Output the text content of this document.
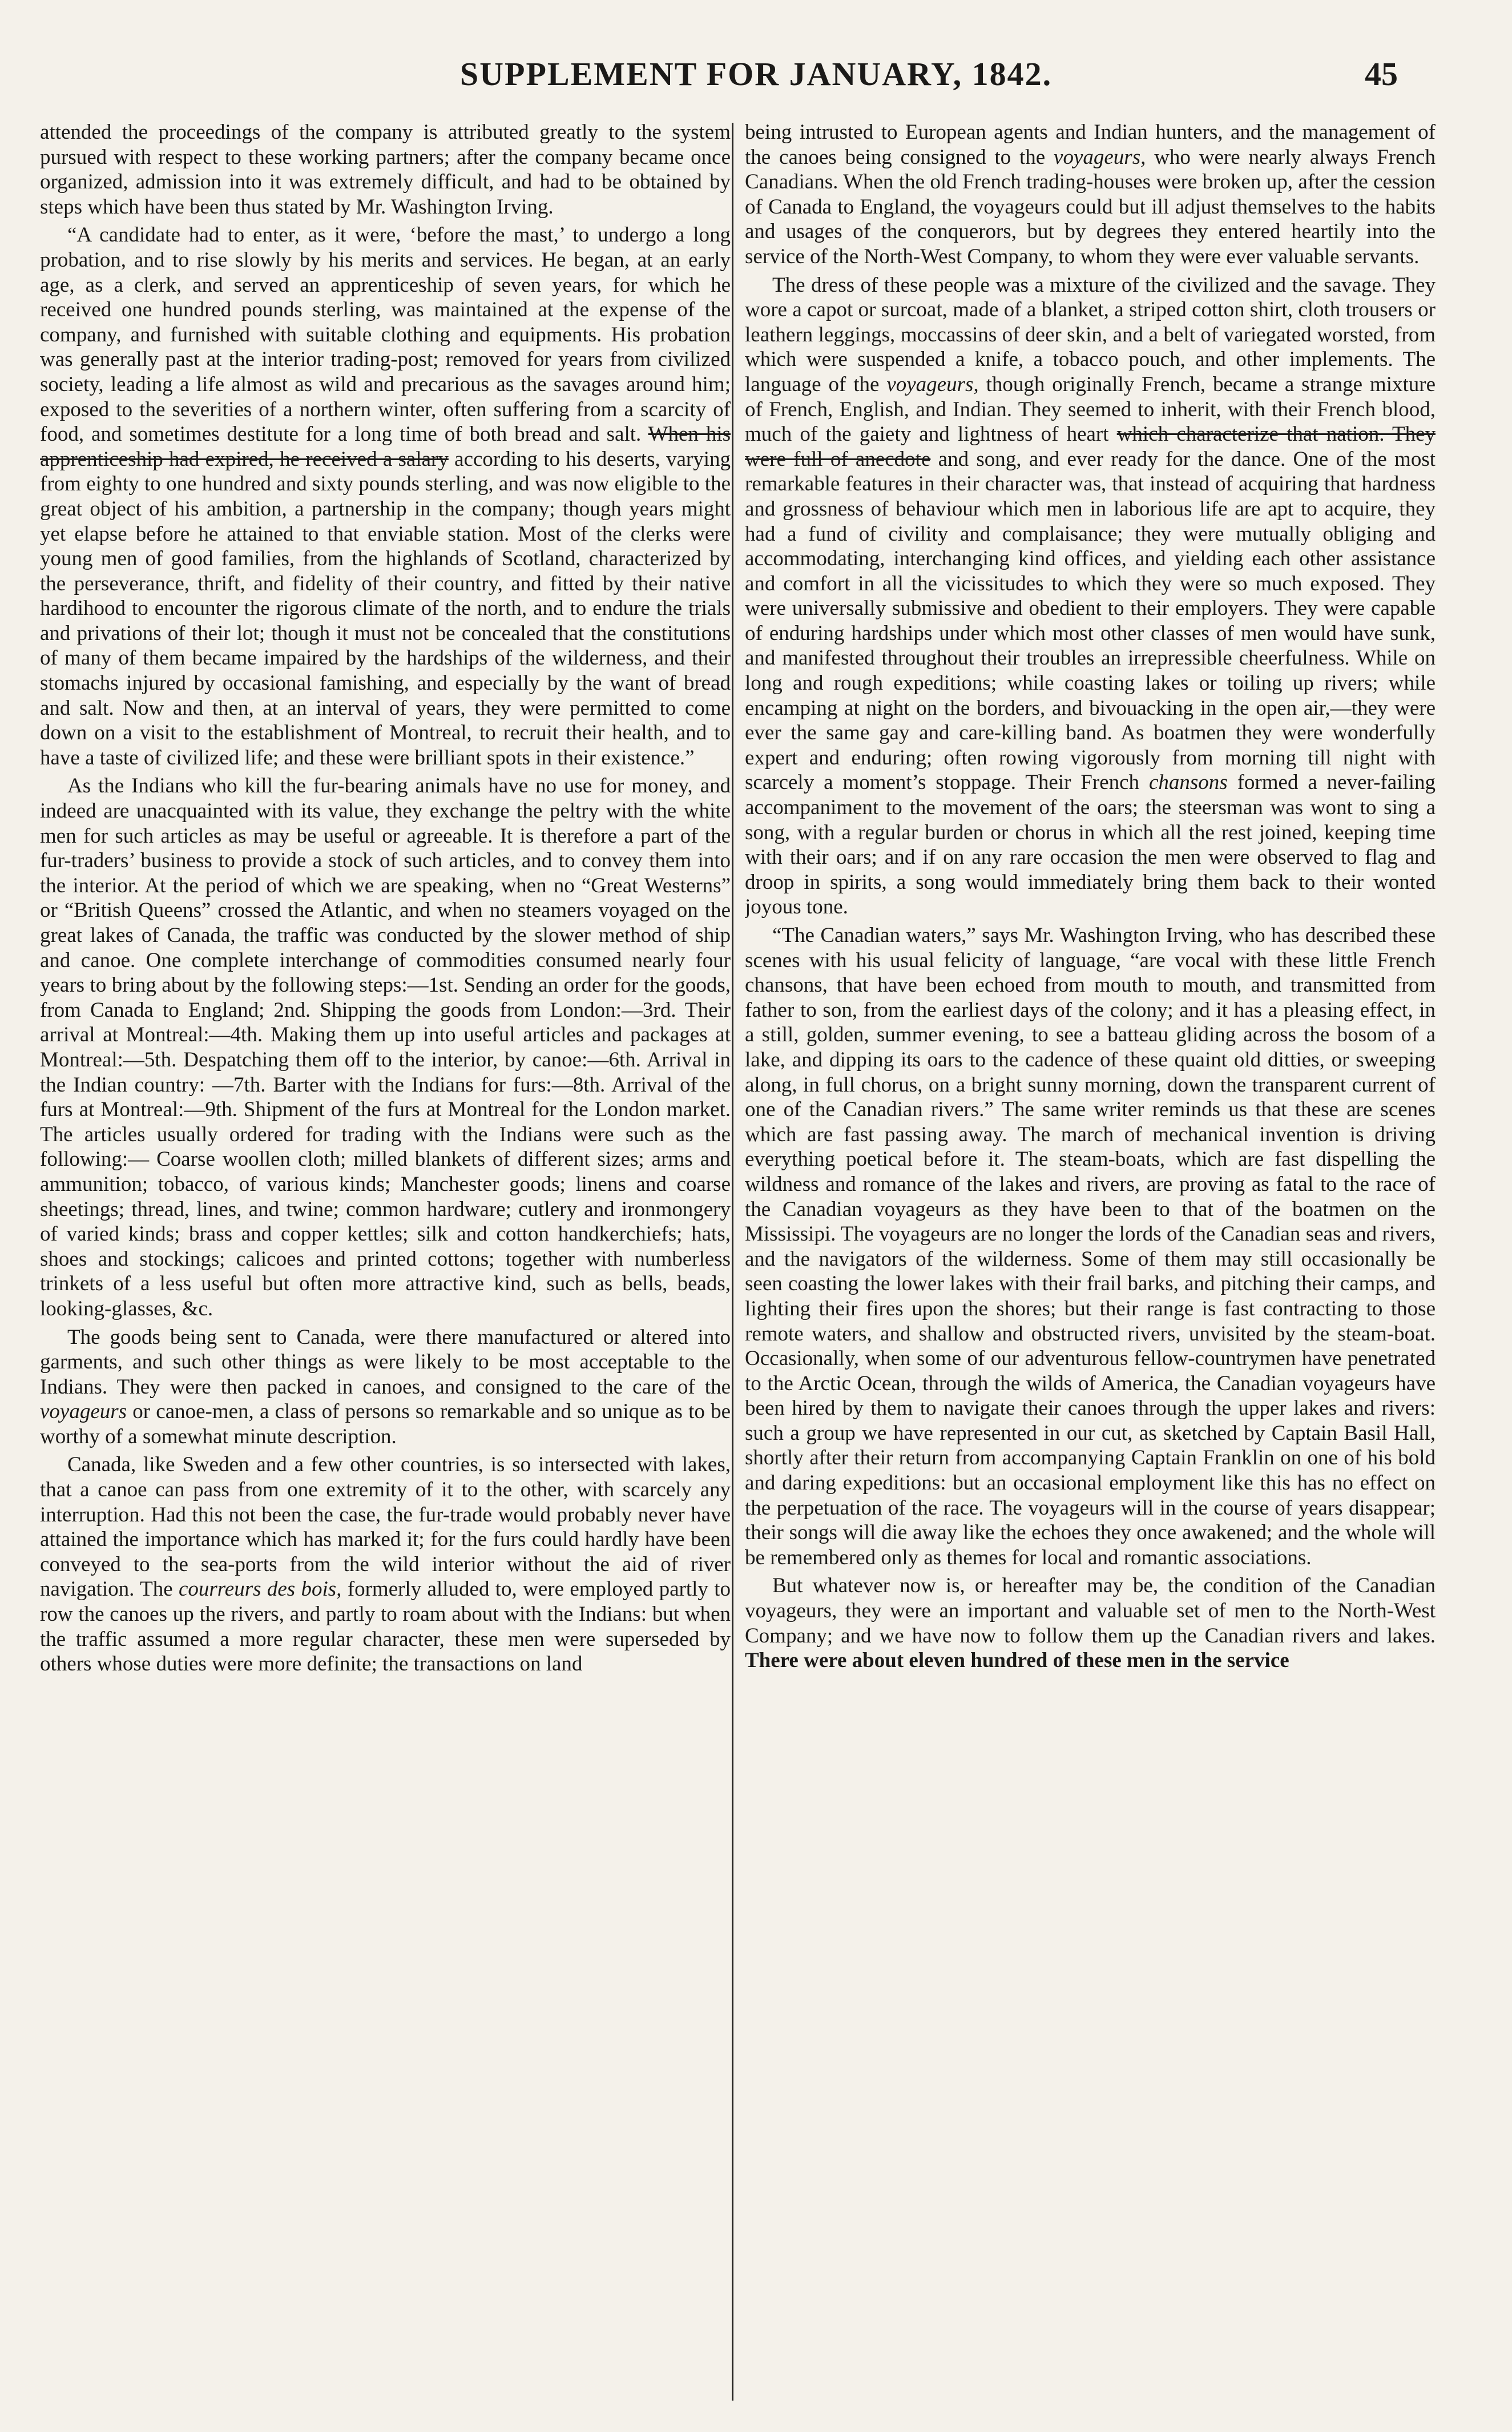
SUPPLEMENT FOR JANUARY, 1842.	45

attended the proceedings of the company is attributed greatly to the system pursued with respect to these working partners; after the company became once organized, admission into it was extremely difficult, and had to be obtained by steps which have been thus stated by Mr. Washington Irving.

“A candidate had to enter, as it were, ‘before the mast,’ to undergo a long probation, and to rise slowly by his merits and services. He began, at an early age, as a clerk, and served an apprenticeship of seven years, for which he received one hundred pounds sterling, was maintained at the expense of the company, and furnished with suitable clothing and equipments. His probation was generally past at the interior trading-post; removed for years from civilized society, leading a life almost as wild and precarious as the savages around him; exposed to the severities of a northern winter, often suffering from a scarcity of food, and sometimes destitute for a long time of both bread and salt. When his apprenticeship had expired, he received a salary according to his deserts, varying from eighty to one hundred and sixty pounds sterling, and was now eligible to the great object of his ambition, a partnership in the company; though years might yet elapse before he attained to that enviable station. Most of the clerks were young men of good families, from the highlands of Scotland, characterized by the perseverance, thrift, and fidelity of their country, and fitted by their native hardihood to encounter the rigorous climate of the north, and to endure the trials and privations of their lot; though it must not be concealed that the constitutions of many of them became impaired by the hardships of the wilderness, and their stomachs injured by occasional famishing, and especially by the want of bread and salt. Now and then, at an interval of years, they were permitted to come down on a visit to the establishment of Montreal, to recruit their health, and to have a taste of civilized life; and these were brilliant spots in their existence.”

As the Indians who kill the fur-bearing animals have no use for money, and indeed are unacquainted with its value, they exchange the peltry with the white men for such articles as may be useful or agreeable. It is therefore a part of the fur-traders’ business to provide a stock of such articles, and to convey them into the interior. At the period of which we are speaking, when no “Great Westerns” or “British Queens” crossed the Atlantic, and when no steamers voyaged on the great lakes of Canada, the traffic was conducted by the slower method of ship and canoe. One complete interchange of commodities consumed nearly four years to bring about by the following steps:—1st. Sending an order for the goods, from Canada to England; 2nd. Shipping the goods from London:—3rd. Their arrival at Montreal:—4th. Making them up into useful articles and packages at Montreal:—5th. Despatching them off to the interior, by canoe:—6th. Arrival in the Indian country: —7th. Barter with the Indians for furs:—8th. Arrival of the furs at Montreal:—9th. Shipment of the furs at Montreal for the London market. The articles usually ordered for trading with the Indians were such as the following:— Coarse woollen cloth; milled blankets of different sizes; arms and ammunition; tobacco, of various kinds; Manchester goods; linens and coarse sheetings; thread, lines, and twine; common hardware; cutlery and ironmongery of varied kinds; brass and copper kettles; silk and cotton handkerchiefs; hats, shoes and stockings; calicoes and printed cottons; together with numberless trinkets of a less useful but often more attractive kind, such as bells, beads, looking-glasses, &c.

The goods being sent to Canada, were there manufactured or altered into garments, and such other things as were likely to be most acceptable to the Indians. They were then packed in canoes, and consigned to the care of the voyageurs or canoe-men, a class of persons so remarkable and so unique as to be worthy of a somewhat minute description.

Canada, like Sweden and a few other countries, is so intersected with lakes, that a canoe can pass from one extremity of it to the other, with scarcely any interruption. Had this not been the case, the fur-trade would probably never have attained the importance which has marked it; for the furs could hardly have been conveyed to the sea-ports from the wild interior without the aid of river navigation. The courreurs des bois, formerly alluded to, were employed partly to row the canoes up the rivers, and partly to roam about with the Indians: but when the traffic assumed a more regular character, these men were superseded by others whose duties were more definite; the transactions on land

being intrusted to European agents and Indian hunters, and the management of the canoes being consigned to the voyageurs, who were nearly always French Canadians. When the old French trading-houses were broken up, after the cession of Canada to England, the voyageurs could but ill adjust themselves to the habits and usages of the conquerors, but by degrees they entered heartily into the service of the North-West Company, to whom they were ever valuable servants.

The dress of these people was a mixture of the civilized and the savage. They wore a capot or surcoat, made of a blanket, a striped cotton shirt, cloth trousers or leathern leggings, moccassins of deer skin, and a belt of variegated worsted, from which were suspended a knife, a tobacco pouch, and other implements. The language of the voyageurs, though originally French, became a strange mixture of French, English, and Indian. They seemed to inherit, with their French blood, much of the gaiety and lightness of heart which characterize that nation. They were full of anecdote and song, and ever ready for the dance. One of the most remarkable features in their character was, that instead of acquiring that hardness and grossness of behaviour which men in laborious life are apt to acquire, they had a fund of civility and complaisance; they were mutually obliging and accommodating, interchanging kind offices, and yielding each other assistance and comfort in all the vicissitudes to which they were so much exposed. They were universally submissive and obedient to their employers. They were capable of enduring hardships under which most other classes of men would have sunk, and manifested throughout their troubles an irrepressible cheerfulness. While on long and rough expeditions; while coasting lakes or toiling up rivers; while encamping at night on the borders, and bivouacking in the open air,—they were ever the same gay and care-killing band. As boatmen they were wonderfully expert and enduring; often rowing vigorously from morning till night with scarcely a moment’s stoppage. Their French chansons formed a never-failing accompaniment to the movement of the oars; the steersman was wont to sing a song, with a regular burden or chorus in which all the rest joined, keeping time with their oars; and if on any rare occasion the men were observed to flag and droop in spirits, a song would immediately bring them back to their wonted joyous tone.

“The Canadian waters,” says Mr. Washington Irving, who has described these scenes with his usual felicity of language, “are vocal with these little French chansons, that have been echoed from mouth to mouth, and transmitted from father to son, from the earliest days of the colony; and it has a pleasing effect, in a still, golden, summer evening, to see a batteau gliding across the bosom of a lake, and dipping its oars to the cadence of these quaint old ditties, or sweeping along, in full chorus, on a bright sunny morning, down the transparent current of one of the Canadian rivers.” The same writer reminds us that these are scenes which are fast passing away. The march of mechanical invention is driving everything poetical before it. The steam-boats, which are fast dispelling the wildness and romance of the lakes and rivers, are proving as fatal to the race of the Canadian voyageurs as they have been to that of the boatmen on the Mississipi. The voyageurs are no longer the lords of the Canadian seas and rivers, and the navigators of the wilderness. Some of them may still occasionally be seen coasting the lower lakes with their frail barks, and pitching their camps, and lighting their fires upon the shores; but their range is fast contracting to those remote waters, and shallow and obstructed rivers, unvisited by the steam-boat. Occasionally, when some of our adventurous fellow-countrymen have penetrated to the Arctic Ocean, through the wilds of America, the Canadian voyageurs have been hired by them to navigate their canoes through the upper lakes and rivers: such a group we have represented in our cut, as sketched by Captain Basil Hall, shortly after their return from accompanying Captain Franklin on one of his bold and daring expeditions: but an occasional employment like this has no effect on the perpetuation of the race. The voyageurs will in the course of years disappear; their songs will die away like the echoes they once awakened; and the whole will be remembered only as themes for local and romantic associations.

But whatever now is, or hereafter may be, the condition of the Canadian voyageurs, they were an important and valuable set of men to the North-West Company; and we have now to follow them up the Canadian rivers and lakes. There were about eleven hundred of these men in the service
